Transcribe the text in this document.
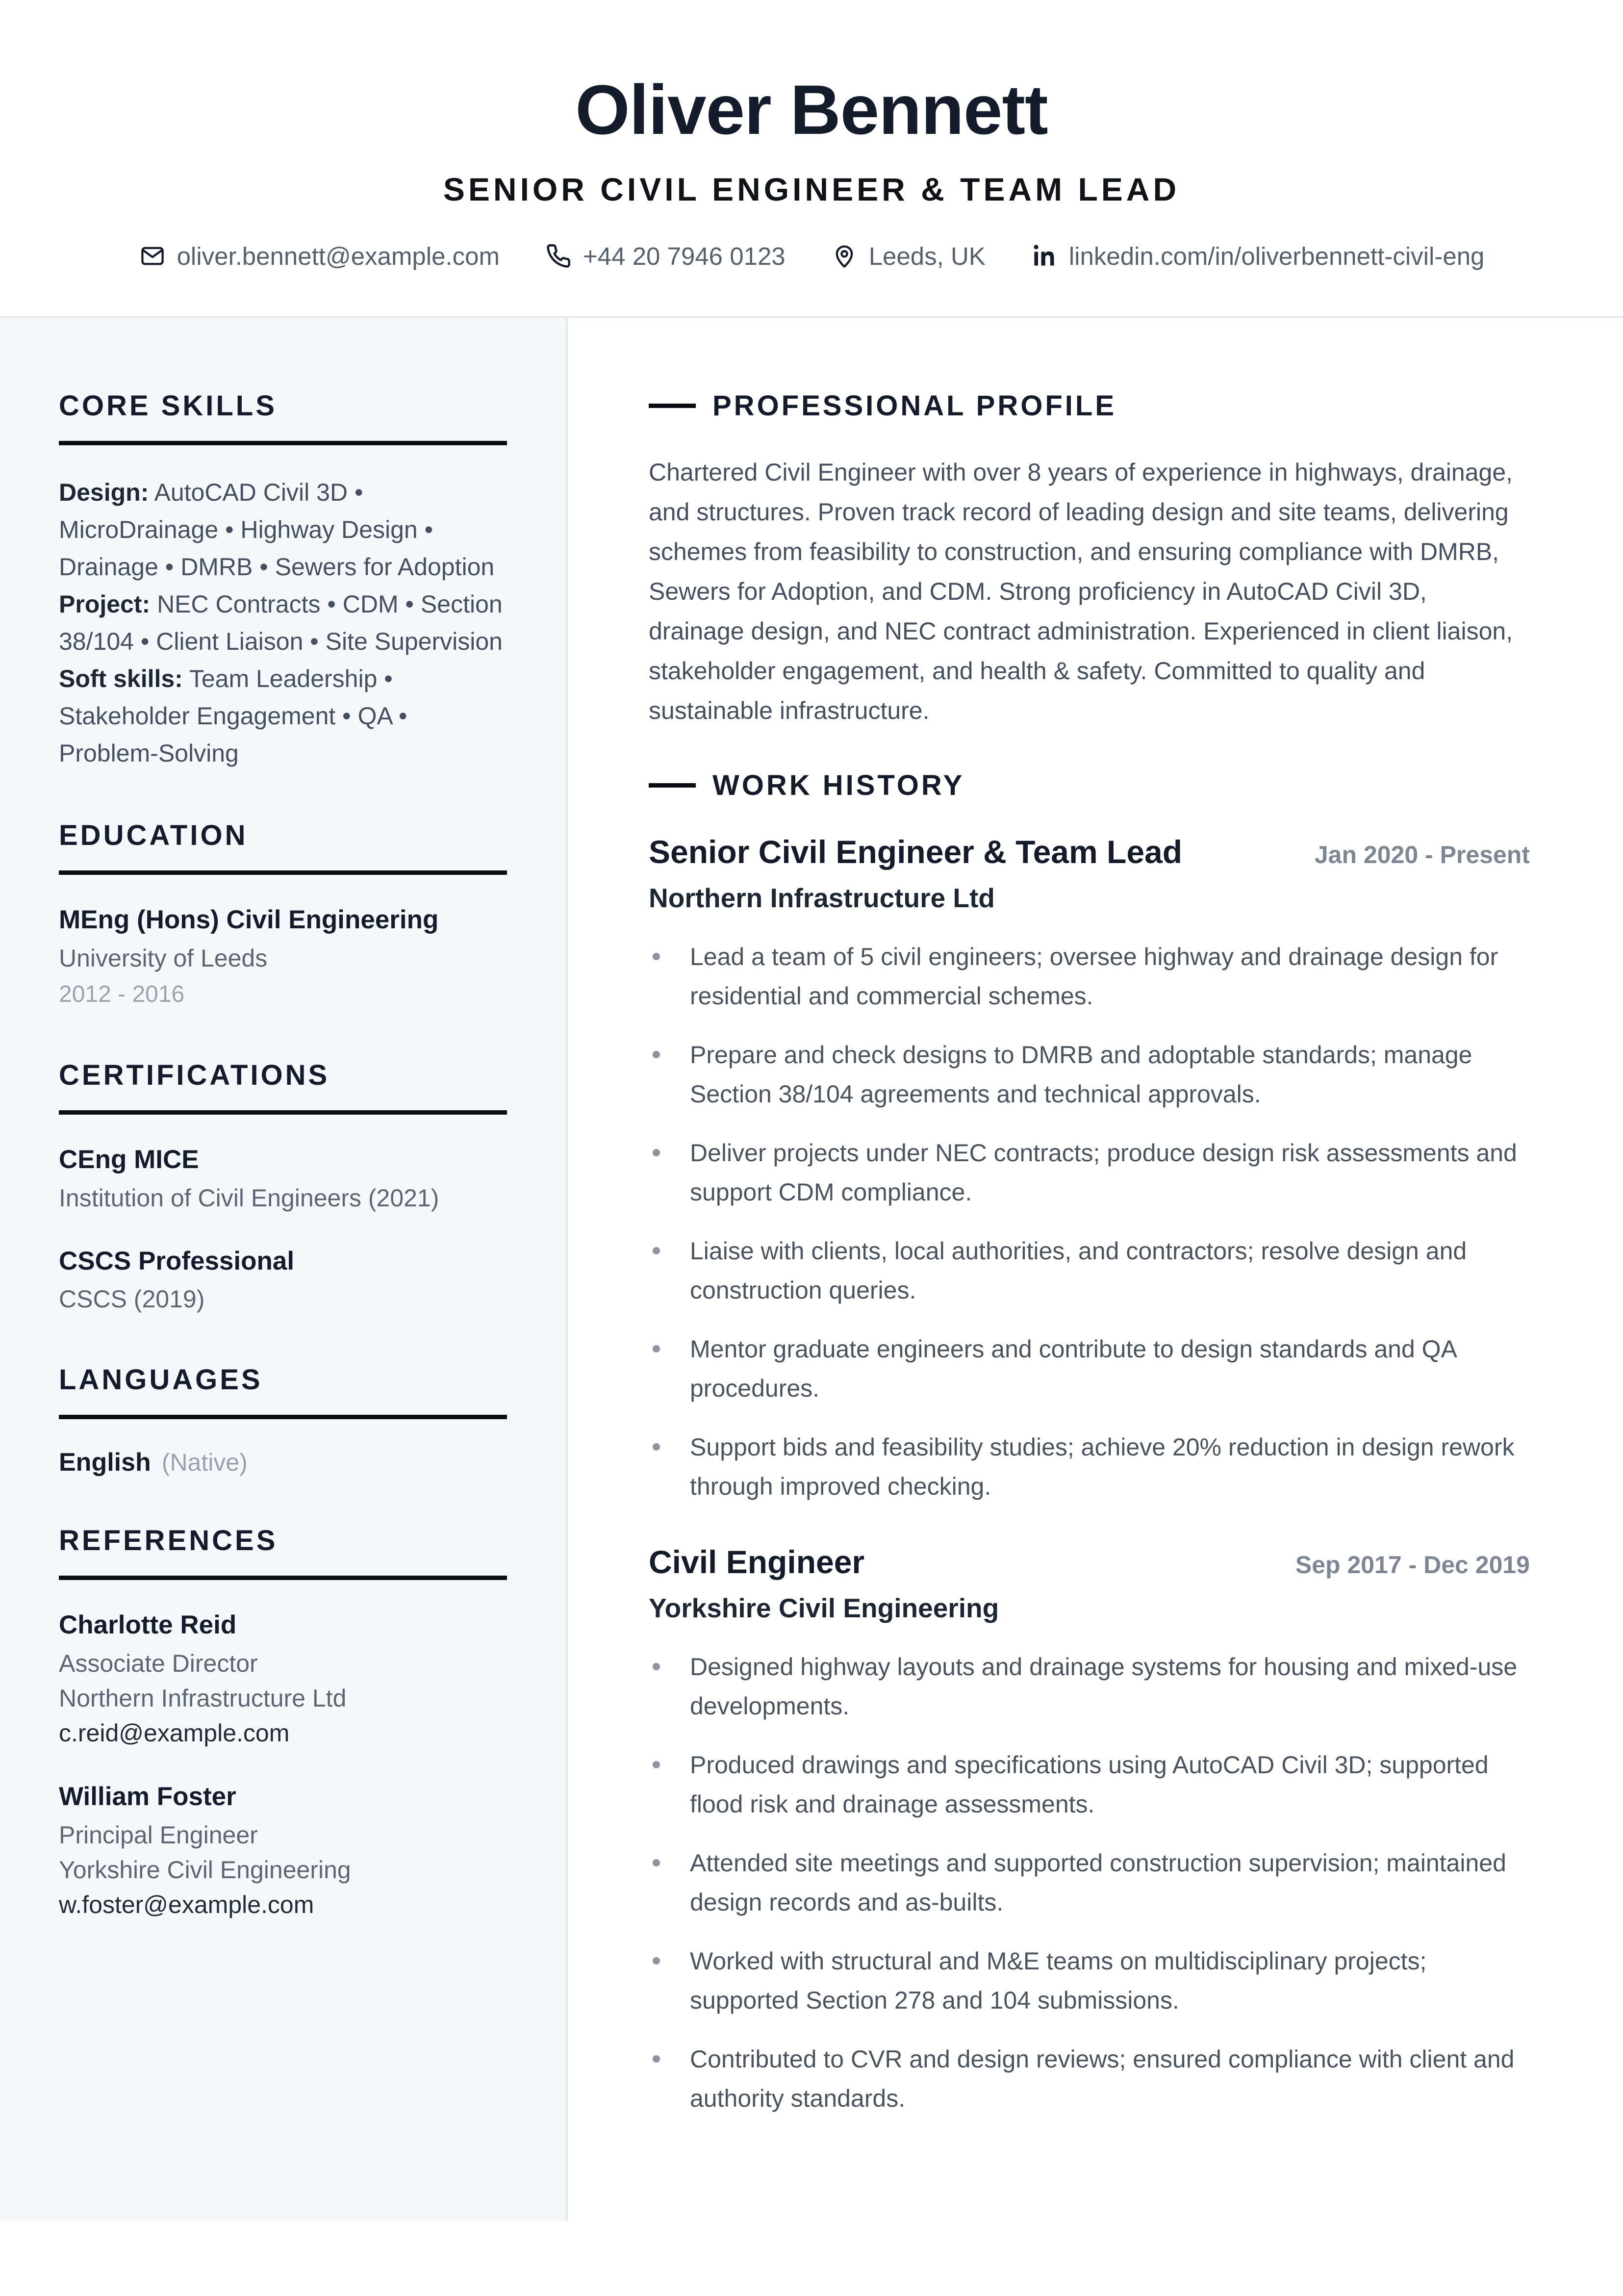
Oliver Bennett
SENIOR CIVIL ENGINEER & TEAM LEAD
oliver.bennett@example.com	+44 20 7946 0123	Leeds, UK	linkedin.com/in/oliverbennett-civil-eng
CORE SKILLS
Design: AutoCAD Civil 3D • MicroDrainage • Highway Design • Drainage • DMRB • Sewers for Adoption
Project: NEC Contracts • CDM • Section 38/104 • Client Liaison • Site Supervision
Soft skills: Team Leadership • Stakeholder Engagement • QA • Problem-Solving
EDUCATION
MEng (Hons) Civil Engineering
University of Leeds
2012 - 2016
CERTIFICATIONS
CEng MICE
Institution of Civil Engineers (2021)
CSCS Professional
CSCS (2019)
LANGUAGES
English (Native)
REFERENCES
Charlotte Reid
Associate Director
Northern Infrastructure Ltd
c.reid@example.com
William Foster
Principal Engineer
Yorkshire Civil Engineering
w.foster@example.com
PROFESSIONAL PROFILE

Chartered Civil Engineer with over 8 years of experience in highways, drainage, and structures. Proven track record of leading design and site teams, delivering schemes from feasibility to construction, and ensuring compliance with DMRB, Sewers for Adoption, and CDM. Strong proficiency in AutoCAD Civil 3D, drainage design, and NEC contract administration. Experienced in client liaison, stakeholder engagement, and health & safety. Committed to quality and sustainable infrastructure.

WORK HISTORY
Senior Civil Engineer & Team Lead	Jan 2020 - Present
Northern Infrastructure Ltd
Lead a team of 5 civil engineers; oversee highway and drainage design for residential and commercial schemes.
Prepare and check designs to DMRB and adoptable standards; manage Section 38/104 agreements and technical approvals.
Deliver projects under NEC contracts; produce design risk assessments and support CDM compliance.
Liaise with clients, local authorities, and contractors; resolve design and construction queries.
Mentor graduate engineers and contribute to design standards and QA procedures.
Support bids and feasibility studies; achieve 20% reduction in design rework through improved checking.
Civil Engineer	Sep 2017 - Dec 2019
Yorkshire Civil Engineering
Designed highway layouts and drainage systems for housing and mixed-use developments.
Produced drawings and specifications using AutoCAD Civil 3D; supported flood risk and drainage assessments.
Attended site meetings and supported construction supervision; maintained design records and as-builts.
Worked with structural and M&E teams on multidisciplinary projects; supported Section 278 and 104 submissions.
Contributed to CVR and design reviews; ensured compliance with client and authority standards.
